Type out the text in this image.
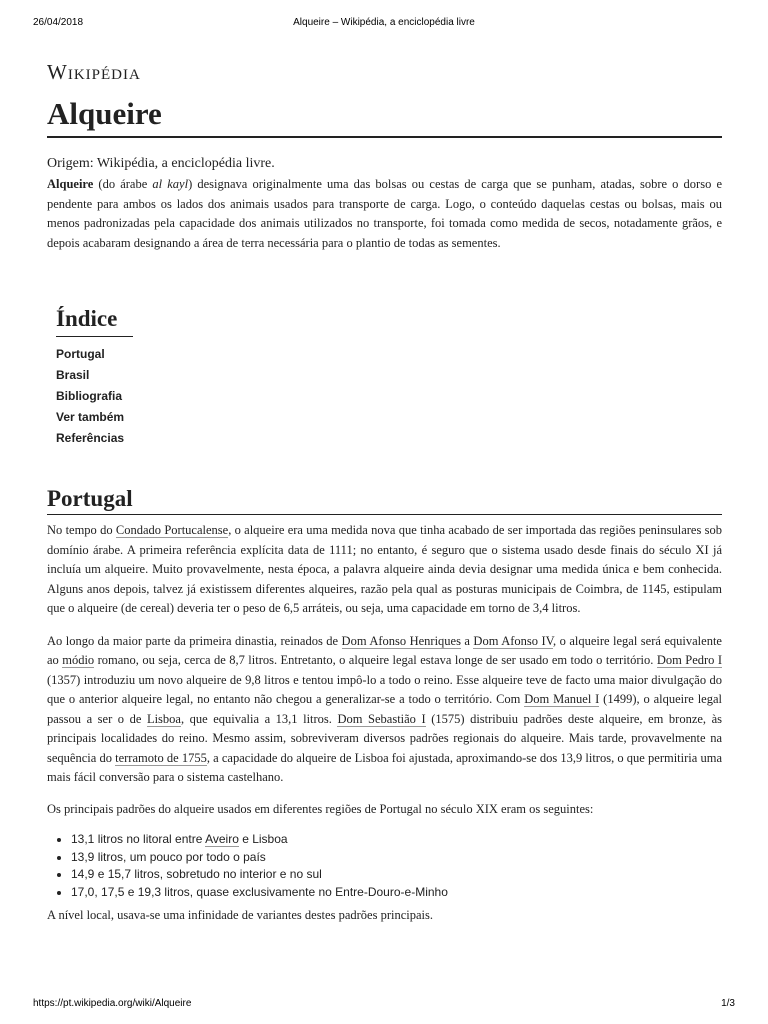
26/04/2018	Alqueire – Wikipédia, a enciclopédia livre
Wikipédia
Alqueire
Origem: Wikipédia, a enciclopédia livre.

Alqueire (do árabe al kayl) designava originalmente uma das bolsas ou cestas de carga que se punham, atadas, sobre o dorso e pendente para ambos os lados dos animais usados para transporte de carga. Logo, o conteúdo daquelas cestas ou bolsas, mais ou menos padronizadas pela capacidade dos animais utilizados no transporte, foi tomada como medida de secos, notadamente grãos, e depois acabaram designando a área de terra necessária para o plantio de todas as sementes.

Índice
Portugal
Brasil
Bibliografia
Ver também
Referências
Portugal

No tempo do Condado Portucalense, o alqueire era uma medida nova que tinha acabado de ser importada das regiões peninsulares sob domínio árabe. A primeira referência explícita data de 1111; no entanto, é seguro que o sistema usado desde finais do século XI já incluía um alqueire. Muito provavelmente, nesta época, a palavra alqueire ainda devia designar uma medida única e bem conhecida. Alguns anos depois, talvez já existissem diferentes alqueires, razão pela qual as posturas municipais de Coimbra, de 1145, estipulam que o alqueire (de cereal) deveria ter o peso de 6,5 arráteis, ou seja, uma capacidade em torno de 3,4 litros.

Ao longo da maior parte da primeira dinastia, reinados de Dom Afonso Henriques a Dom Afonso IV, o alqueire legal será equivalente ao módio romano, ou seja, cerca de 8,7 litros. Entretanto, o alqueire legal estava longe de ser usado em todo o território. Dom Pedro I (1357) introduziu um novo alqueire de 9,8 litros e tentou impô-lo a todo o reino. Esse alqueire teve de facto uma maior divulgação do que o anterior alqueire legal, no entanto não chegou a generalizar-se a todo o território. Com Dom Manuel I (1499), o alqueire legal passou a ser o de Lisboa, que equivalia a 13,1 litros. Dom Sebastião I (1575) distribuiu padrões deste alqueire, em bronze, às principais localidades do reino. Mesmo assim, sobreviveram diversos padrões regionais do alqueire. Mais tarde, provavelmente na sequência do terramoto de 1755, a capacidade do alqueire de Lisboa foi ajustada, aproximando-se dos 13,9 litros, o que permitiria uma mais fácil conversão para o sistema castelhano.

Os principais padrões do alqueire usados em diferentes regiões de Portugal no século XIX eram os seguintes:

• 13,1 litros no litoral entre Aveiro e Lisboa
• 13,9 litros, um pouco por todo o país
• 14,9 e 15,7 litros, sobretudo no interior e no sul
• 17,0, 17,5 e 19,3 litros, quase exclusivamente no Entre-Douro-e-Minho

A nível local, usava-se uma infinidade de variantes destes padrões principais.

https://pt.wikipedia.org/wiki/Alqueire	1/3
